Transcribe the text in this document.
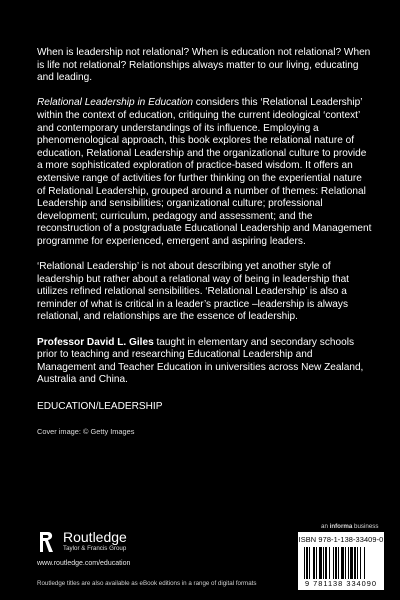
When is leadership not relational? When is education not relational? When is life not relational? Relationships always matter to our living, educating and leading.

Relational Leadership in Education considers this ‘Relational Leadership’ within the context of education, critiquing the current ideological ‘context’ and contemporary understandings of its influence. Employing a phenomenological approach, this book explores the relational nature of education, Relational Leadership and the organizational culture to provide a more sophisticated exploration of practice-based wisdom. It offers an extensive range of activities for further thinking on the experiential nature of Relational Leadership, grouped around a number of themes: Relational Leadership and sensibilities; organizational culture; professional development; curriculum, pedagogy and assessment; and the reconstruction of a postgraduate Educational Leadership and Management programme for experienced, emergent and aspiring leaders.

‘Relational Leadership’ is not about describing yet another style of leadership but rather about a relational way of being in leadership that utilizes refined relational sensibilities. ‘Relational Leadership’ is also a reminder of what is critical in a leader’s practice –leadership is always relational, and relationships are the essence of leadership.

Professor David L. Giles taught in elementary and secondary schools prior to teaching and researching Educational Leadership and Management and Teacher Education in universities across New Zealand, Australia and China.

EDUCATION/LEADERSHIP

Cover image: © Getty Images

Routledge
Taylor & Francis Group
www.routledge.com/education
Routledge titles are also available as eBook editions in a range of digital formats
an informa business
ISBN 978-1-138-33409-0
9 781138 334090
